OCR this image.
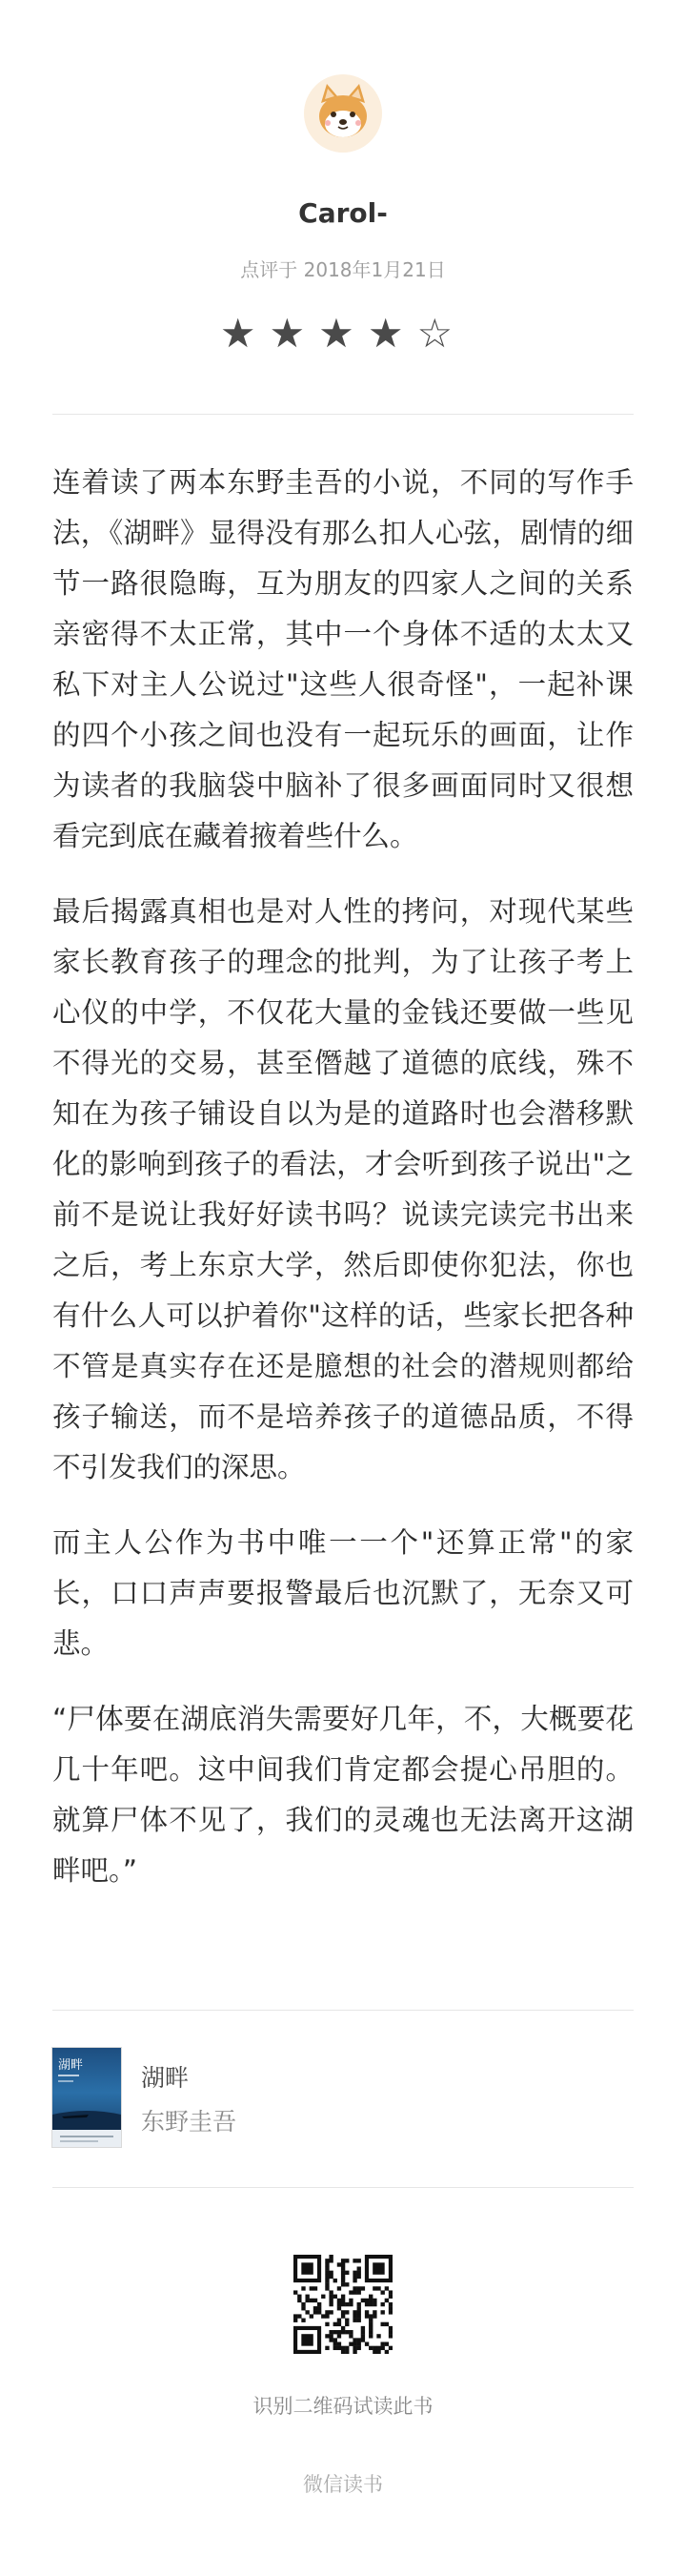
Carol-
点评于 2018年1月21日
★★★★☆

连着读了两本东野圭吾的小说，不同的写作手法，《湖畔》显得没有那么扣人心弦，剧情的细节一路很隐晦，互为朋友的四家人之间的关系亲密得不太正常，其中一个身体不适的太太又私下对主人公说过"这些人很奇怪"，一起补课的四个小孩之间也没有一起玩乐的画面，让作为读者的我脑袋中脑补了很多画面同时又很想看完到底在藏着掖着些什么。

最后揭露真相也是对人性的拷问，对现代某些家长教育孩子的理念的批判，为了让孩子考上心仪的中学，不仅花大量的金钱还要做一些见不得光的交易，甚至僭越了道德的底线，殊不知在为孩子铺设自以为是的道路时也会潜移默化的影响到孩子的看法，才会听到孩子说出"之前不是说让我好好读书吗？说读完读完书出来之后，考上东京大学，然后即使你犯法，你也有什么人可以护着你"这样的话，些家长把各种不管是真实存在还是臆想的社会的潜规则都给孩子输送，而不是培养孩子的道德品质，不得不引发我们的深思。

而主人公作为书中唯一一个"还算正常"的家长，口口声声要报警最后也沉默了，无奈又可悲。

“尸体要在湖底消失需要好几年，不，大概要花几十年吧。这中间我们肯定都会提心吊胆的。就算尸体不见了，我们的灵魂也无法离开这湖畔吧。”

湖畔 湖畔
东野圭吾
识别二维码试读此书
微信读书
